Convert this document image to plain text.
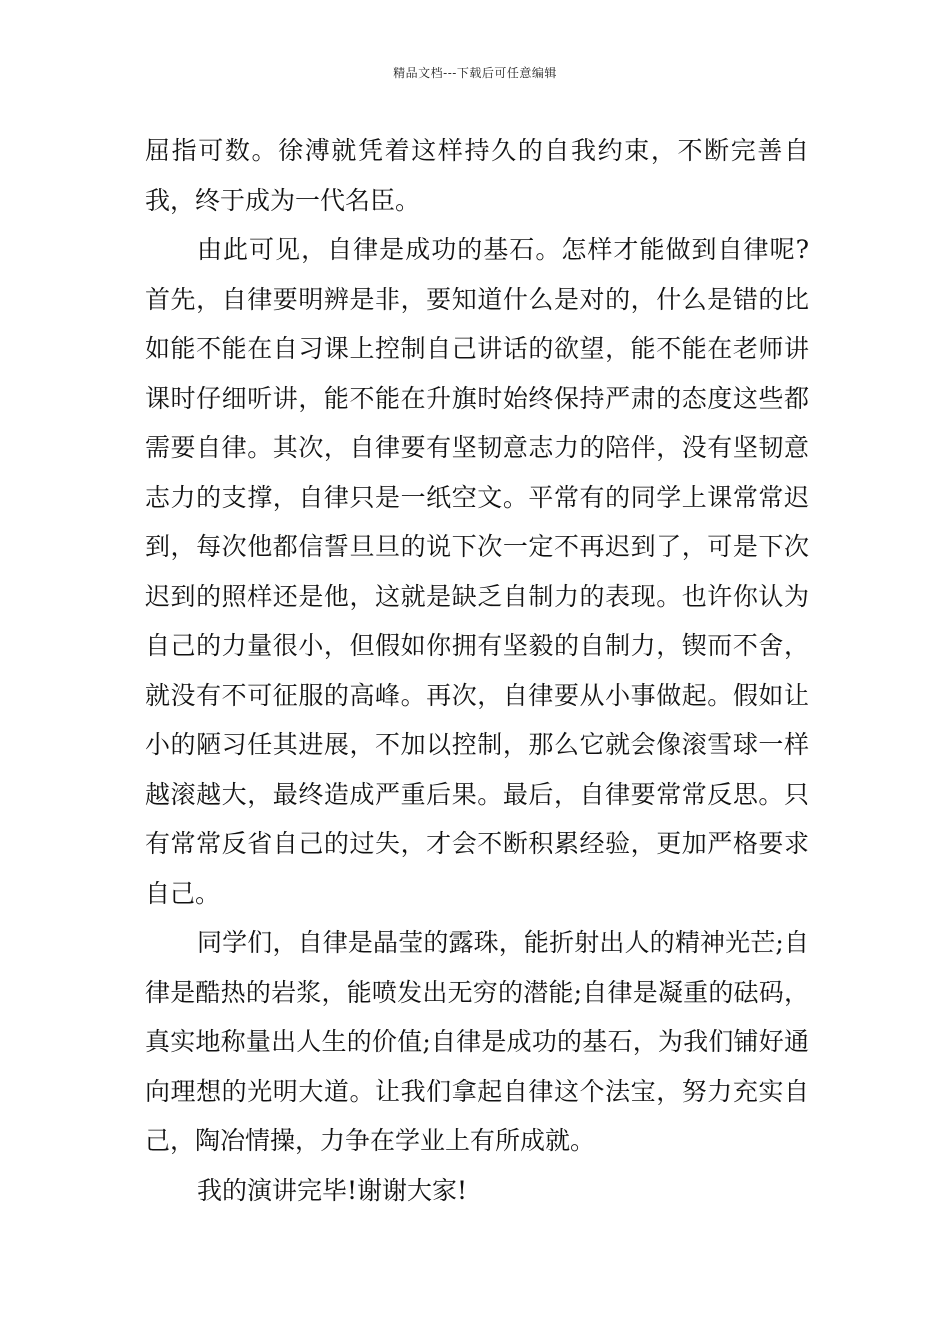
精品文档---下载后可任意编辑

屈指可数。徐溥就凭着这样持久的自我约束，不断完善自我，终于成为一代名臣。

由此可见，自律是成功的基石。怎样才能做到自律呢?首先，自律要明辨是非，要知道什么是对的，什么是错的比如能不能在自习课上控制自己讲话的欲望，能不能在老师讲课时仔细听讲，能不能在升旗时始终保持严肃的态度这些都需要自律。其次，自律要有坚韧意志力的陪伴，没有坚韧意志力的支撑，自律只是一纸空文。平常有的同学上课常常迟到，每次他都信誓旦旦的说下次一定不再迟到了，可是下次迟到的照样还是他，这就是缺乏自制力的表现。也许你认为自己的力量很小，但假如你拥有坚毅的自制力，锲而不舍，就没有不可征服的高峰。再次，自律要从小事做起。假如让小的陋习任其进展，不加以控制，那么它就会像滚雪球一样越滚越大，最终造成严重后果。最后，自律要常常反思。只有常常反省自己的过失，才会不断积累经验，更加严格要求自己。

同学们，自律是晶莹的露珠，能折射出人的精神光芒;自律是酷热的岩浆，能喷发出无穷的潜能;自律是凝重的砝码，真实地称量出人生的价值;自律是成功的基石，为我们铺好通向理想的光明大道。让我们拿起自律这个法宝，努力充实自己，陶冶情操，力争在学业上有所成就。

我的演讲完毕!谢谢大家!
